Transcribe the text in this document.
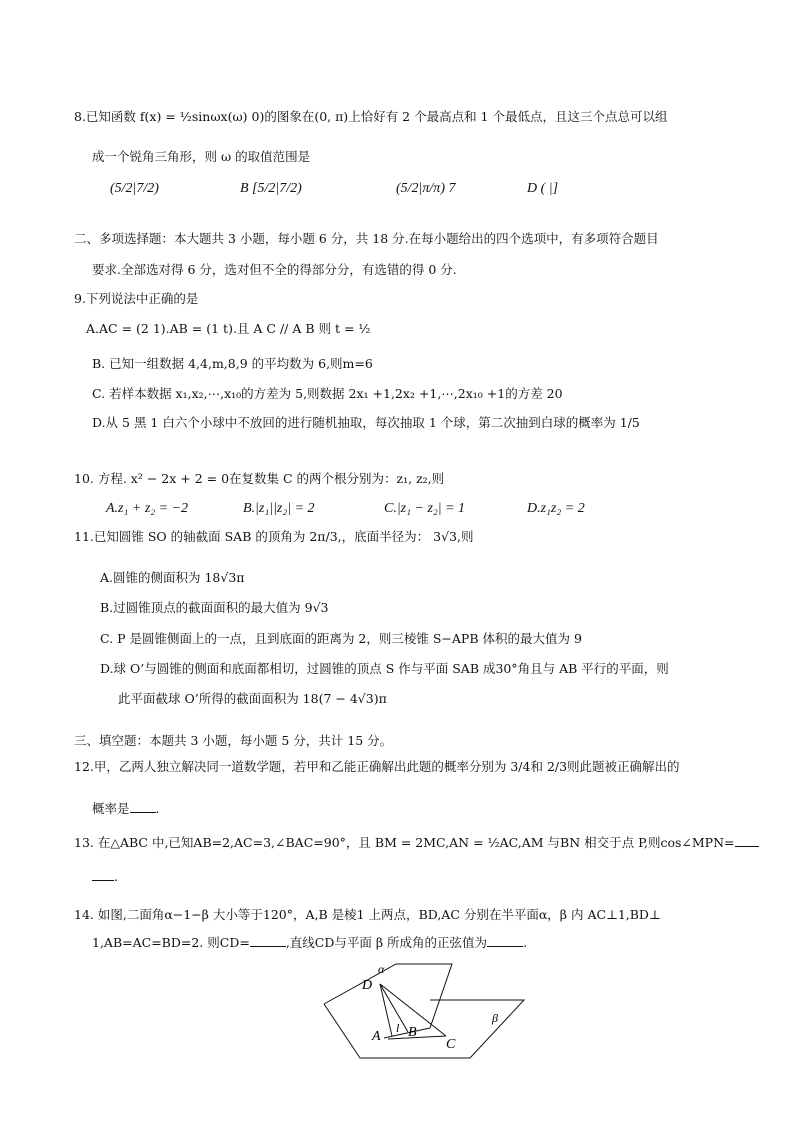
8.已知函数 f(x) = ½sinωx(ω) 0)的图象在(0, π)上恰好有 2 个最高点和 1 个最低点，且这三个点总可以组
成一个锐角三角形，则 ω 的取值范围是
(5/2|7/2)	B [5/2|7/2)	(5/2|π/π) 7	D ( |]
二、多项选择题：本大题共 3 小题，每小题 6 分，共 18 分.在每小题给出的四个选项中，有多项符合题目
要求.全部选对得 6 分，选对但不全的得部分分，有选错的得 0 分.
9.下列说法中正确的是
A.AC = (2 1).AB = (1 t).且 A C // A B 则 t = ½
B. 已知一组数据 4,4,m,8,9 的平均数为 6,则m=6
C. 若样本数据 x₁,x₂,⋯,x₁₀的方差为 5,则数据 2x₁ +1,2x₂ +1,⋯,2x₁₀ +1的方差 20
D.从 5 黑 1 白六个小球中不放回的进行随机抽取，每次抽取 1 个球，第二次抽到白球的概率为 1/5
10. 方程. x² − 2x + 2 = 0在复数集 C 的两个根分别为：z₁, z₂,则
A.z₁ + z₂ = −2	B.|z₁||z₂| = 2	C.|z₁ − z₂| = 1	D.z₁z₂ = 2
11.已知圆锥 SO 的轴截面 SAB 的顶角为 2π/3,，底面半径为： 3√3,则
A.圆锥的侧面积为 18√3π
B.过圆锥顶点的截面面积的最大值为 9√3
C. P 是圆锥侧面上的一点，且到底面的距离为 2，则三棱锥 S−APB 体积的最大值为 9
D.球 O’与圆锥的侧面和底面都相切，过圆锥的顶点 S 作与平面 SAB 成30°角且与 AB 平行的平面，则
此平面截球 O’所得的截面面积为 18(7 − 4√3)π
三、填空题：本题共 3 小题，每小题 5 分，共计 15 分。
12.甲，乙两人独立解决同一道数学题，若甲和乙能正确解出此题的概率分别为 3/4和 2/3则此题被正确解出的
概率是 .
13. 在△ABC 中,已知AB=2,AC=3,∠BAC=90°，且 BM = 2MC,AN = ½AC,AM 与BN 相交于点 P,则cos∠MPN=
.
14. 如图,二面角α−1−β 大小等于120°，A,B 是棱1 上两点，BD,AC 分别在半平面α，β 内 AC⊥1,BD⊥
1,AB=AC=BD=2. 则CD=	,直线CD与平面 β 所成角的正弦值为	.
α
β
D
l
A B
C
